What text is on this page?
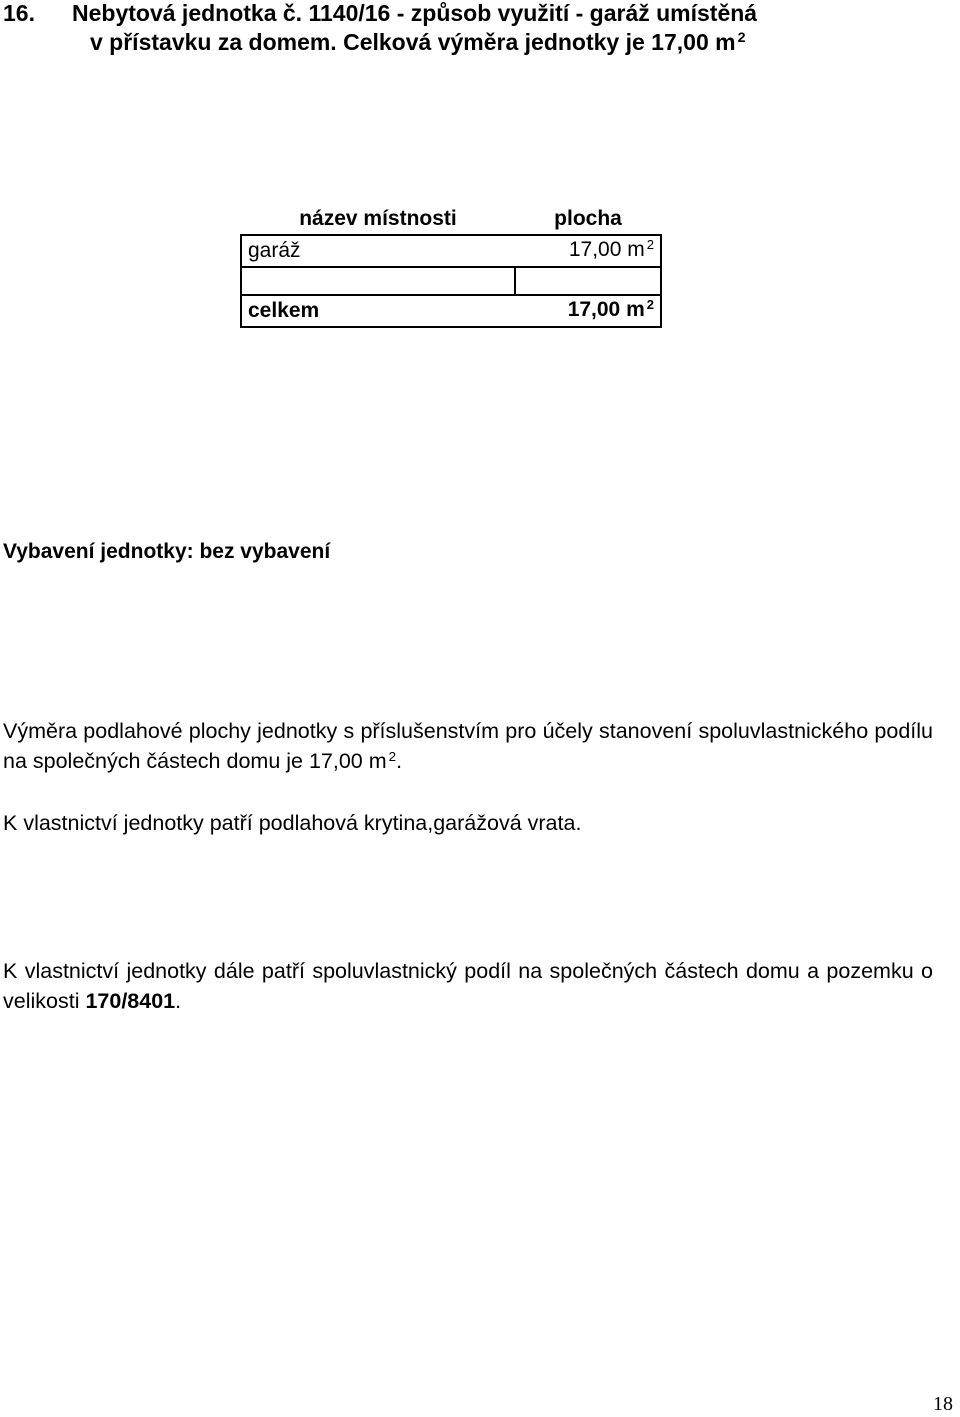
16. Nebytová jednotka č. 1140/16 - způsob využití - garáž umístěná
v přístavku za domem. Celková výměra jednotky je 17,00 m $^2$
název místnosti	plocha
garáž	17,00 m $^2$

celkem	17,00 m $^2$
Vybavení jednotky: bez vybavení
Výměra podlahové plochy jednotky s příslušenstvím pro účely stanovení spoluvlastnického podílu na společných částech domu je 17,00 m $^2$.
K vlastnictví jednotky patří podlahová krytina,garážová vrata.
K vlastnictví jednotky dále patří spoluvlastnický podíl na společných částech domu a pozemku o velikosti 170/8401.
18
